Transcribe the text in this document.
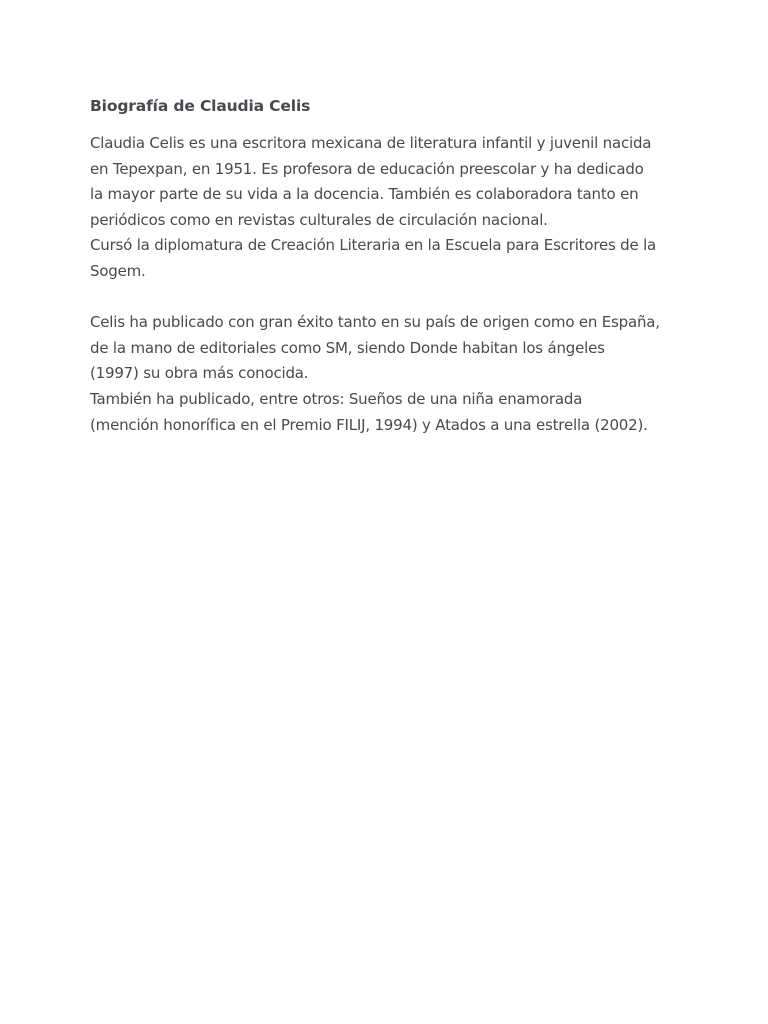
Biografía de Claudia Celis

Claudia Celis es una escritora mexicana de literatura infantil y juvenil nacida
en Tepexpan, en 1951. Es profesora de educación preescolar y ha dedicado
la mayor parte de su vida a la docencia. También es colaboradora tanto en
periódicos como en revistas culturales de circulación nacional.
Cursó la diplomatura de Creación Literaria en la Escuela para Escritores de la
Sogem.

Celis ha publicado con gran éxito tanto en su país de origen como en España,
de la mano de editoriales como SM, siendo Donde habitan los ángeles
(1997) su obra más conocida.
También ha publicado, entre otros: Sueños de una niña enamorada
(mención honorífica en el Premio FILIJ, 1994) y Atados a una estrella (2002).
